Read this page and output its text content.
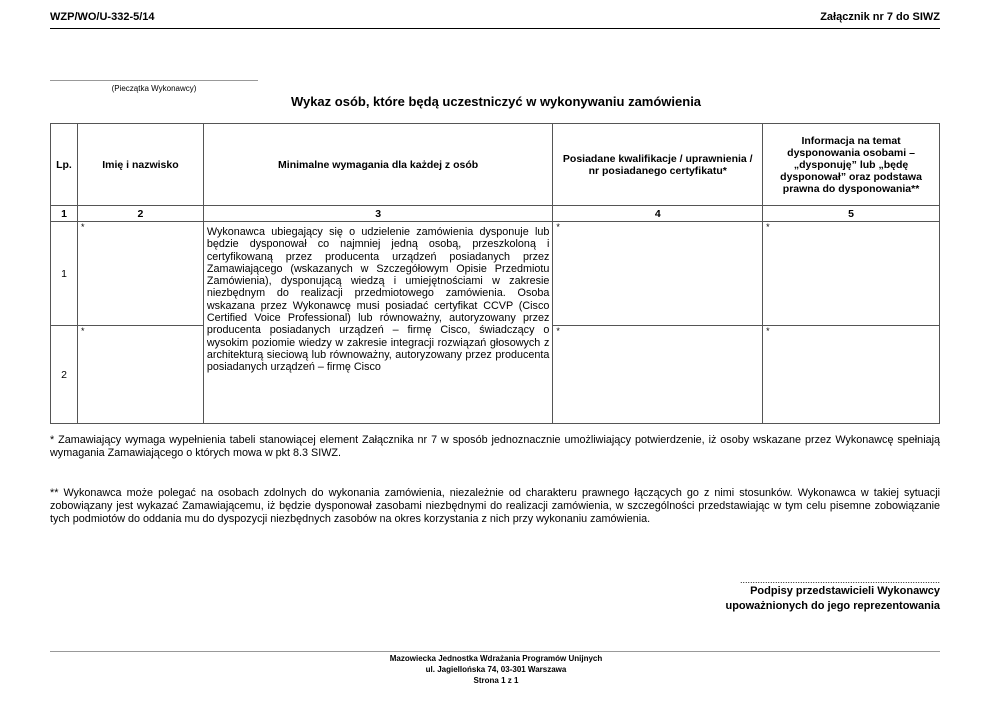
WZP/WO/U-332-5/14	Załącznik nr 7 do SIWZ
(Pieczątka Wykonawcy)
Wykaz osób, które będą uczestniczyć w wykonywaniu zamówienia
Lp.	Imię i nazwisko	Minimalne wymagania dla każdej z osób	Posiadane kwalifikacje / uprawnienia / nr posiadanego certyfikatu*	Informacja na temat dysponowania osobami – „dysponuję” lub „będę dysponował” oraz podstawa prawna do dysponowania**
1	2	3	4	5
1	*	Wykonawca ubiegający się o udzielenie zamówienia dysponuje lub będzie dysponował co najmniej jedną osobą, przeszkoloną i certyfikowaną przez producenta urządzeń posiadanych przez Zamawiającego (wskazanych w Szczegółowym Opisie Przedmiotu Zamówienia), dysponującą wiedzą i umiejętnościami w zakresie niezbędnym do realizacji przedmiotowego zamówienia. Osoba wskazana przez Wykonawcę musi posiadać certyfikat CCVP (Cisco Certified Voice Professional) lub równoważny, autoryzowany przez producenta posiadanych urządzeń – firmę Cisco, świadczący o wysokim poziomie wiedzy w zakresie integracji rozwiązań głosowych z architekturą sieciową lub równoważny, autoryzowany przez producenta posiadanych urządzeń – firmę Cisco	*	*
2	*		*	*
* Zamawiający wymaga wypełnienia tabeli stanowiącej element Załącznika nr 7 w sposób jednoznacznie umożliwiający potwierdzenie, iż osoby wskazane przez Wykonawcę spełniają wymagania Zamawiającego o których mowa w pkt 8.3 SIWZ.
** Wykonawca może polegać na osobach zdolnych do wykonania zamówienia, niezależnie od charakteru prawnego łączących go z nimi stosunków. Wykonawca w takiej sytuacji zobowiązany jest wykazać Zamawiającemu, iż będzie dysponował zasobami niezbędnymi do realizacji zamówienia, w szczególności przedstawiając w tym celu pisemne zobowiązanie tych podmiotów do oddania mu do dyspozycji niezbędnych zasobów na okres korzystania z nich przy wykonaniu zamówienia.
................................................................................
Podpisy przedstawicieli Wykonawcy
upoważnionych do jego reprezentowania
Mazowiecka Jednostka Wdrażania Programów Unijnych
ul. Jagiellońska 74, 03-301 Warszawa
Strona 1 z 1
